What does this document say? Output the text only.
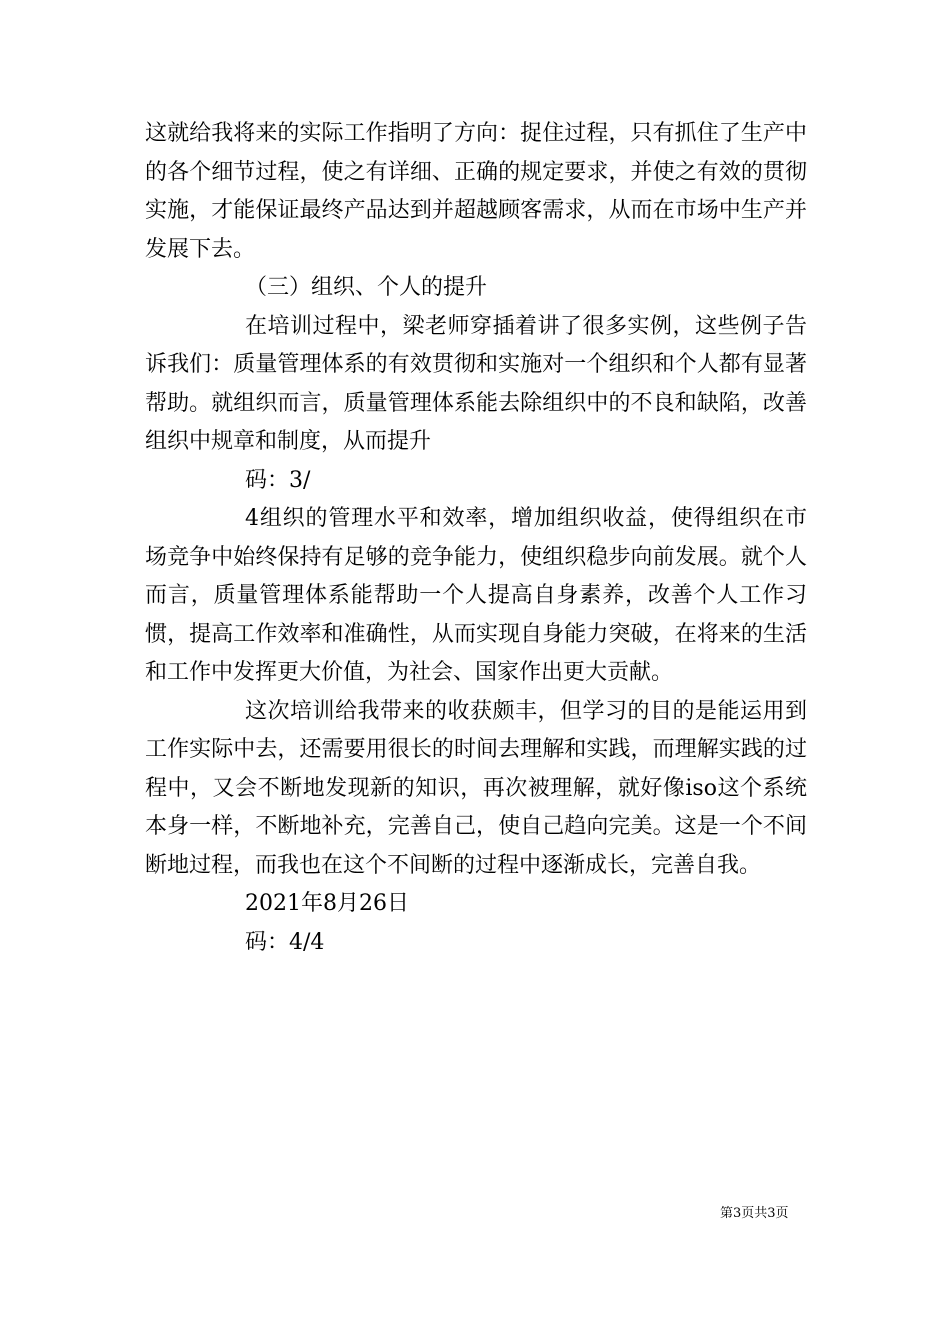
这就给我将来的实际工作指明了方向：捉住过程，只有抓住了生产中的各个细节过程，使之有详细、正确的规定要求，并使之有效的贯彻实施，才能保证最终产品达到并超越顾客需求，从而在市场中生产并发展下去。

（三）组织、个人的提升

在培训过程中，梁老师穿插着讲了很多实例，这些例子告诉我们：质量管理体系的有效贯彻和实施对一个组织和个人都有显著帮助。就组织而言，质量管理体系能去除组织中的不良和缺陷，改善组织中规章和制度，从而提升

码：3/

4组织的管理水平和效率，增加组织收益，使得组织在市场竞争中始终保持有足够的竞争能力，使组织稳步向前发展。就个人而言，质量管理体系能帮助一个人提高自身素养，改善个人工作习惯，提高工作效率和准确性，从而实现自身能力突破，在将来的生活和工作中发挥更大价值，为社会、国家作出更大贡献。

这次培训给我带来的收获颇丰，但学习的目的是能运用到工作实际中去，还需要用很长的时间去理解和实践，而理解实践的过程中，又会不断地发现新的知识，再次被理解，就好像iso这个系统本身一样，不断地补充，完善自己，使自己趋向完美。这是一个不间断地过程，而我也在这个不间断的过程中逐渐成长，完善自我。

2021年8月26日

码：4/4

第3页共3页
